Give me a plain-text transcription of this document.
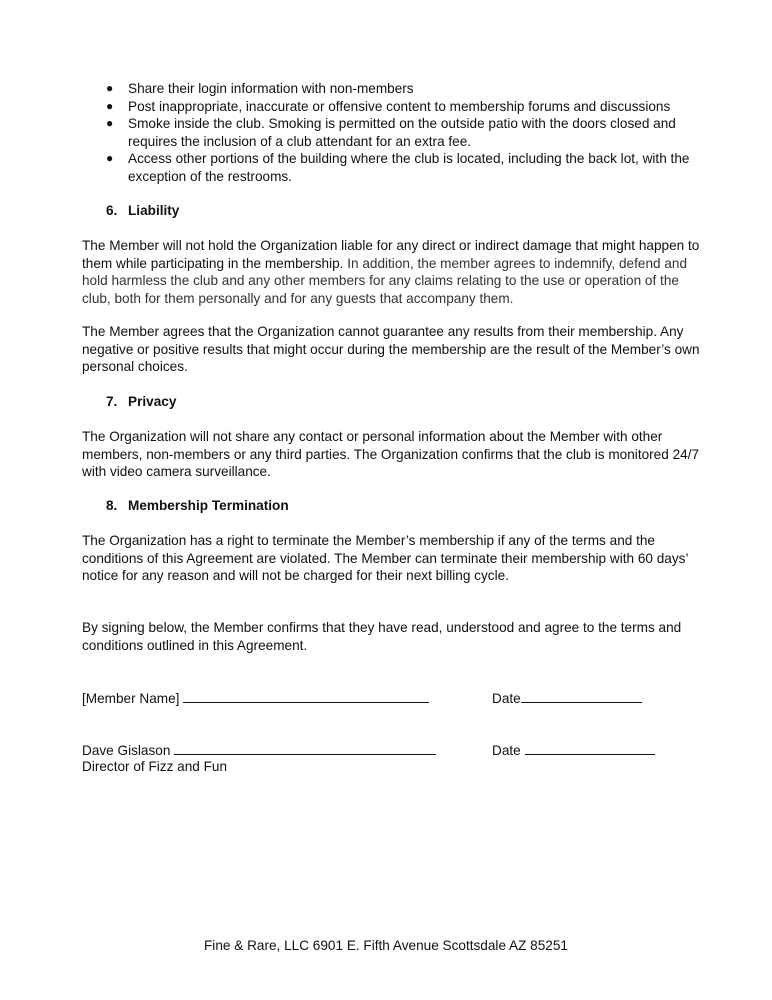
● Share their login information with non-members
● Post inappropriate, inaccurate or offensive content to membership forums and discussions
● Smoke inside the club. Smoking is permitted on the outside patio with the doors closed and requires the inclusion of a club attendant for an extra fee.
● Access other portions of the building where the club is located, including the back lot, with the exception of the restrooms.
6. Liability

The Member will not hold the Organization liable for any direct or indirect damage that might happen to them while participating in the membership. In addition, the member agrees to indemnify, defend and hold harmless the club and any other members for any claims relating to the use or operation of the club, both for them personally and for any guests that accompany them.

The Member agrees that the Organization cannot guarantee any results from their membership. Any negative or positive results that might occur during the membership are the result of the Member’s own personal choices.

7. Privacy

The Organization will not share any contact or personal information about the Member with other members, non-members or any third parties. The Organization confirms that the club is monitored 24/7 with video camera surveillance.

8. Membership Termination

The Organization has a right to terminate the Member’s membership if any of the terms and the conditions of this Agreement are violated. The Member can terminate their membership with 60 days’ notice for any reason and will not be charged for their next billing cycle.

By signing below, the Member confirms that they have read, understood and agree to the terms and conditions outlined in this Agreement.

[Member Name]	Date
Dave Gislason	Date
Director of Fizz and Fun
Fine & Rare, LLC 6901 E. Fifth Avenue Scottsdale AZ 85251
